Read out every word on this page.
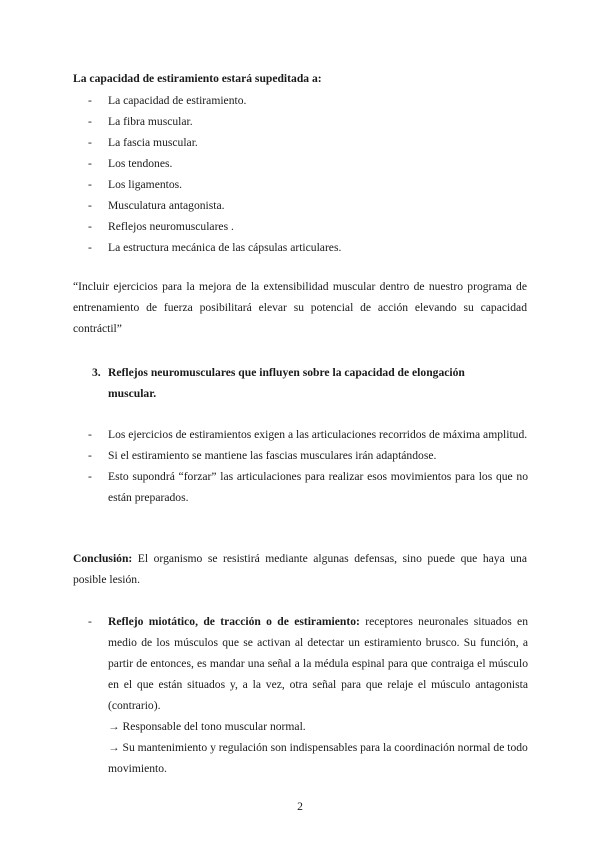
La capacidad de estiramiento estará supeditada a:
- La capacidad de estiramiento.
- La fibra muscular.
- La fascia muscular.
- Los tendones.
- Los ligamentos.
- Musculatura antagonista.
- Reflejos neuromusculares .
- La estructura mecánica de las cápsulas articulares.
“Incluir ejercicios para la mejora de la extensibilidad muscular dentro de nuestro programa de entrenamiento de fuerza posibilitará elevar su potencial de acción elevando su capacidad contráctil”
3. Reflejos neuromusculares que influyen sobre la capacidad de elongación
muscular.
- Los ejercicios de estiramientos exigen a las articulaciones recorridos de máxima amplitud.
- Si el estiramiento se mantiene las fascias musculares irán adaptándose.
- Esto supondrá “forzar” las articulaciones para realizar esos movimientos para los que no están preparados.
Conclusión: El organismo se resistirá mediante algunas defensas, sino puede que haya una posible lesión.
- Reflejo miotático, de tracción o de estiramiento: receptores neuronales situados en medio de los músculos que se activan al detectar un estiramiento brusco. Su función, a partir de entonces, es mandar una señal a la médula espinal para que contraiga el músculo en el que están situados y, a la vez, otra señal para que relaje el músculo antagonista (contrario).
→ Responsable del tono muscular normal.
→ Su mantenimiento y regulación son indispensables para la coordinación normal de todo movimiento.
2
